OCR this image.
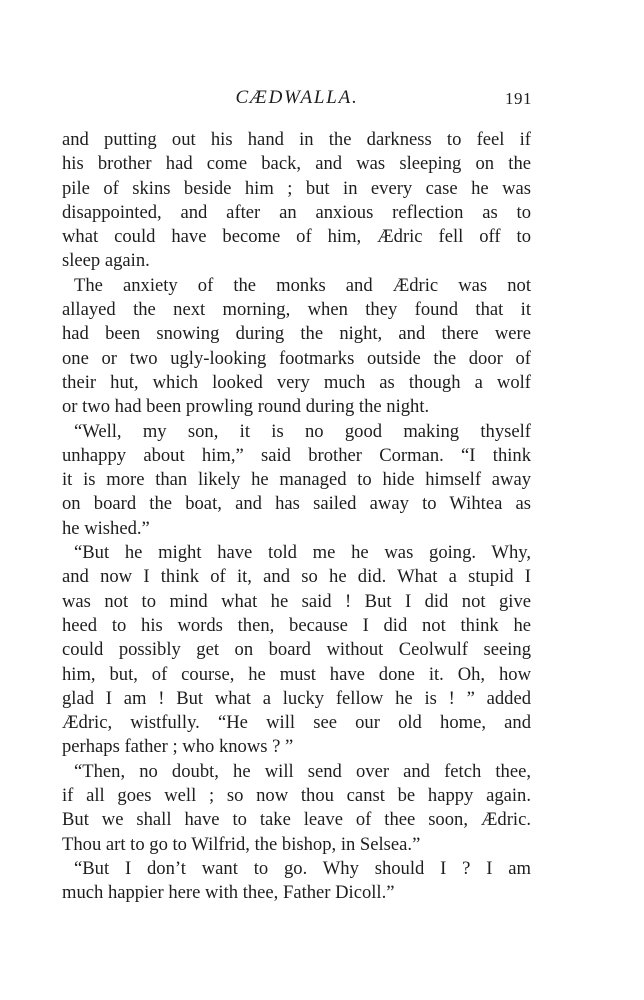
CÆDWALLA.	191

and putting out his hand in the darkness to feel if
his brother had come back, and was sleeping on the
pile of skins beside him ; but in every case he was
disappointed, and after an anxious reflection as to
what could have become of him, Ædric fell off to
sleep again.

The anxiety of the monks and Ædric was not
allayed the next morning, when they found that it
had been snowing during the night, and there were
one or two ugly-looking footmarks outside the door of
their hut, which looked very much as though a wolf
or two had been prowling round during the night.

“Well, my son, it is no good making thyself
unhappy about him,” said brother Corman. “I think
it is more than likely he managed to hide himself away
on board the boat, and has sailed away to Wihtea as
he wished.”

“But he might have told me he was going. Why,
and now I think of it, and so he did. What a stupid I
was not to mind what he said ! But I did not give
heed to his words then, because I did not think he
could possibly get on board without Ceolwulf seeing
him, but, of course, he must have done it. Oh, how
glad I am ! But what a lucky fellow he is ! ” added
Ædric, wistfully. “He will see our old home, and
perhaps father ; who knows ? ”

“Then, no doubt, he will send over and fetch thee,
if all goes well ; so now thou canst be happy again.
But we shall have to take leave of thee soon, Ædric.
Thou art to go to Wilfrid, the bishop, in Selsea.”

“But I don’t want to go. Why should I ? I am
much happier here with thee, Father Dicoll.”
